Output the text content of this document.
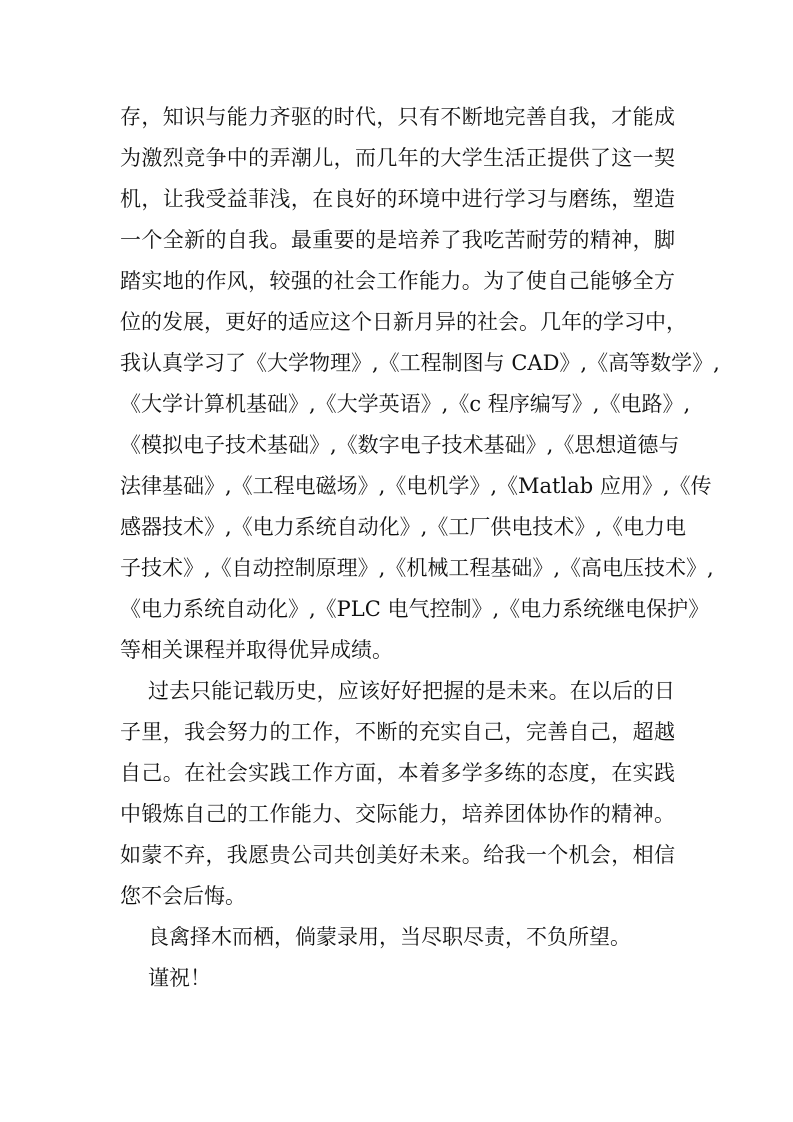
存，知识与能力齐驱的时代，只有不断地完善自我，才能成
为激烈竞争中的弄潮儿，而几年的大学生活正提供了这一契
机，让我受益菲浅，在良好的环境中进行学习与磨练，塑造
一个全新的自我。最重要的是培养了我吃苦耐劳的精神，脚
踏实地的作风，较强的社会工作能力。为了使自己能够全方
位的发展，更好的适应这个日新月异的社会。几年的学习中，
我认真学习了《大学物理》,《工程制图与 CAD》,《高等数学》,
《大学计算机基础》,《大学英语》,《c 程序编写》,《电路》,
《模拟电子技术基础》,《数字电子技术基础》,《思想道德与
法律基础》,《工程电磁场》,《电机学》,《Matlab 应用》,《传
感器技术》,《电力系统自动化》,《工厂供电技术》,《电力电
子技术》,《自动控制原理》,《机械工程基础》,《高电压技术》,
《电力系统自动化》,《PLC 电气控制》,《电力系统继电保护》
等相关课程并取得优异成绩。
过去只能记载历史，应该好好把握的是未来。在以后的日
子里，我会努力的工作，不断的充实自己，完善自己，超越
自己。在社会实践工作方面，本着多学多练的态度，在实践
中锻炼自己的工作能力、交际能力，培养团体协作的精神。
如蒙不弃，我愿贵公司共创美好未来。给我一个机会，相信
您不会后悔。
良禽择木而栖，倘蒙录用，当尽职尽责，不负所望。
谨祝！
